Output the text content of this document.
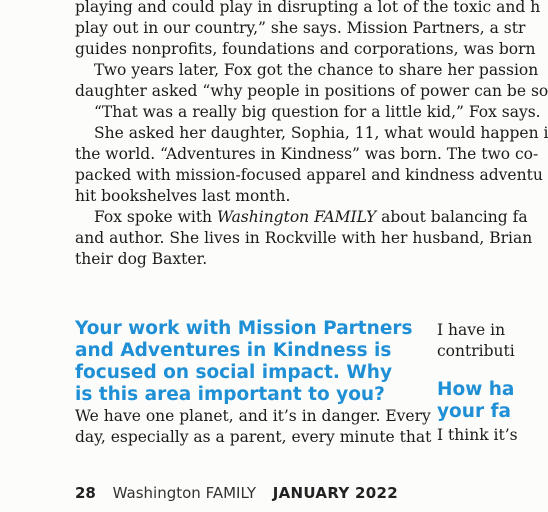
playing and could play in disrupting a lot of the toxic and h
play out in our country,” she says. Mission Partners, a str
guides nonprofits, foundations and corporations, was born

Two years later, Fox got the chance to share her passion
daughter asked “why people in positions of power can be so

“That was a really big question for a little kid,” Fox says.

She asked her daughter, Sophia, 11, what would happen i
the world. “Adventures in Kindness” was born. The two co-
packed with mission-focused apparel and kindness adventu
hit bookshelves last month.

Fox spoke with Washington FAMILY about balancing fa
and author. She lives in Rockville with her husband, Brian
their dog Baxter.

Your work with Mission Partners
and Adventures in Kindness is
focused on social impact. Why
is this area important to you?

We have one planet, and it’s in danger. Every
day, especially as a parent, every minute that

I have in
contributi

How ha
your fa

I think it’s

28 Washington FAMILY JANUARY 2022
